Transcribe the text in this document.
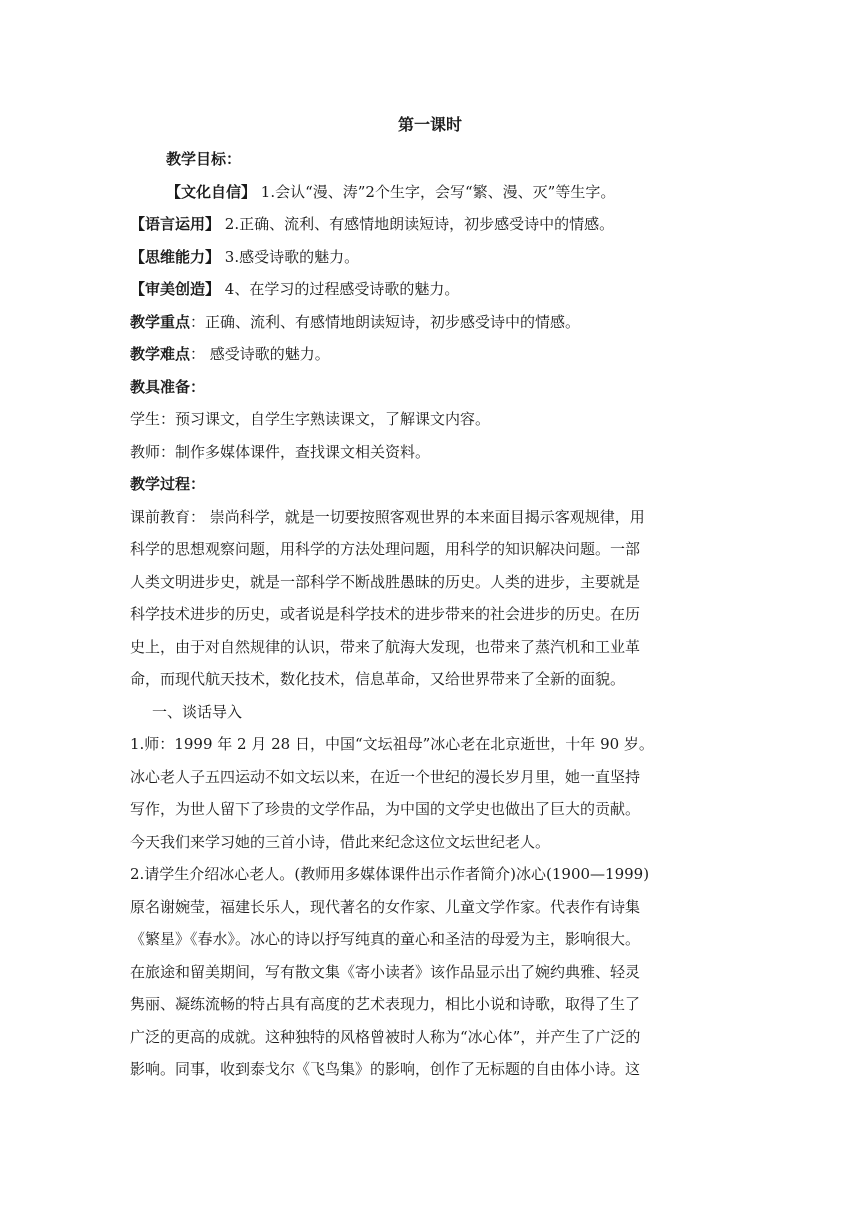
第一课时

教学目标：

【文化自信】 1.会认“漫、涛”2个生字，会写“繁、漫、灭”等生字。

【语言运用】 2.正确、流利、有感情地朗读短诗，初步感受诗中的情感。

【思维能力】 3.感受诗歌的魅力。

【审美创造】 4、在学习的过程感受诗歌的魅力。

教学重点：正确、流利、有感情地朗读短诗，初步感受诗中的情感。

教学难点： 感受诗歌的魅力。

教具准备：

学生：预习课文，自学生字熟读课文，了解课文内容。

教师：制作多媒体课件，查找课文相关资料。

教学过程：

课前教育： 崇尚科学，就是一切要按照客观世界的本来面目揭示客观规律，用

科学的思想观察问题，用科学的方法处理问题，用科学的知识解决问题。一部

人类文明进步史，就是一部科学不断战胜愚昧的历史。人类的进步，主要就是

科学技术进步的历史，或者说是科学技术的进步带来的社会进步的历史。在历

史上，由于对自然规律的认识，带来了航海大发现，也带来了蒸汽机和工业革

命，而现代航天技术，数化技术，信息革命，又给世界带来了全新的面貌。

一、谈话导入

1.师：1999 年 2 月 28 日，中国“文坛祖母”冰心老在北京逝世，十年 90 岁。

冰心老人子五四运动不如文坛以来，在近一个世纪的漫长岁月里，她一直坚持

写作，为世人留下了珍贵的文学作品，为中国的文学史也做出了巨大的贡献。

今天我们来学习她的三首小诗，借此来纪念这位文坛世纪老人。

2.请学生介绍冰心老人。(教师用多媒体课件出示作者简介)冰心(1900—1999)

原名谢婉莹，福建长乐人，现代著名的女作家、儿童文学作家。代表作有诗集

《繁星》《春水》。冰心的诗以抒写纯真的童心和圣洁的母爱为主，影响很大。

在旅途和留美期间，写有散文集《寄小读者》该作品显示出了婉约典雅、轻灵

隽丽、凝练流畅的特占具有高度的艺术表现力，相比小说和诗歌，取得了生了

广泛的更高的成就。这种独特的风格曾被时人称为“冰心体”，并产生了广泛的

影响。同事，收到泰戈尔《飞鸟集》的影响，创作了无标题的自由体小诗。这
